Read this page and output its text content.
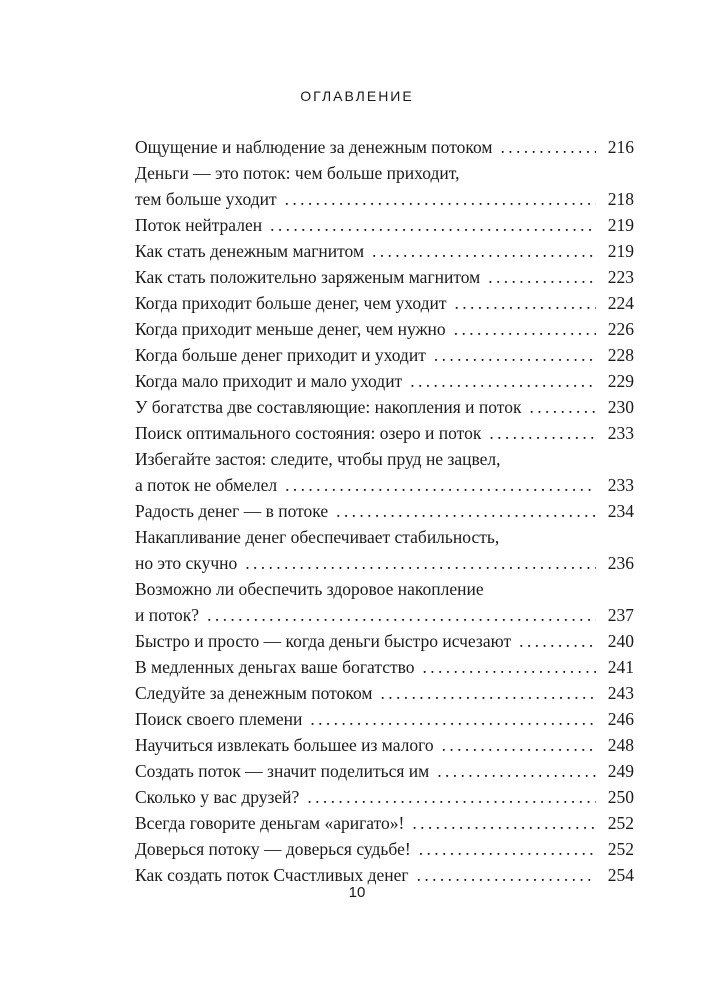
ОГЛАВЛЕНИЕ
Ощущение и наблюдение за денежным потоком . . .	216
Деньги — это поток: чем больше приходит,
тем больше уходит . . .	218
Поток нейтрален . . .	219
Как стать денежным магнитом . . .	219
Как стать положительно заряженым магнитом . . .	223
Когда приходит больше денег, чем уходит . . .	224
Когда приходит меньше денег, чем нужно . . .	226
Когда больше денег приходит и уходит . . .	228
Когда мало приходит и мало уходит . . .	229
У богатства две составляющие: накопления и поток . . .	230
Поиск оптимального состояния: озеро и поток . . .	233
Избегайте застоя: следите, чтобы пруд не зацвел,
а поток не обмелел . . .	233
Радость денег — в потоке . . .	234
Накапливание денег обеспечивает стабильность,
но это скучно . . .	236
Возможно ли обеспечить здоровое накопление
и поток? . . .	237
Быстро и просто — когда деньги быстро исчезают . . .	240
В медленных деньгах ваше богатство . . .	241
Следуйте за денежным потоком . . .	243
Поиск своего племени . . .	246
Научиться извлекать большее из малого . . .	248
Создать поток — значит поделиться им . . .	249
Сколько у вас друзей? . . .	250
Всегда говорите деньгам «аригато»! . . .	252
Доверься потоку — доверься судьбе! . . .	252
Как создать поток Счастливых денег . . .	254
10
